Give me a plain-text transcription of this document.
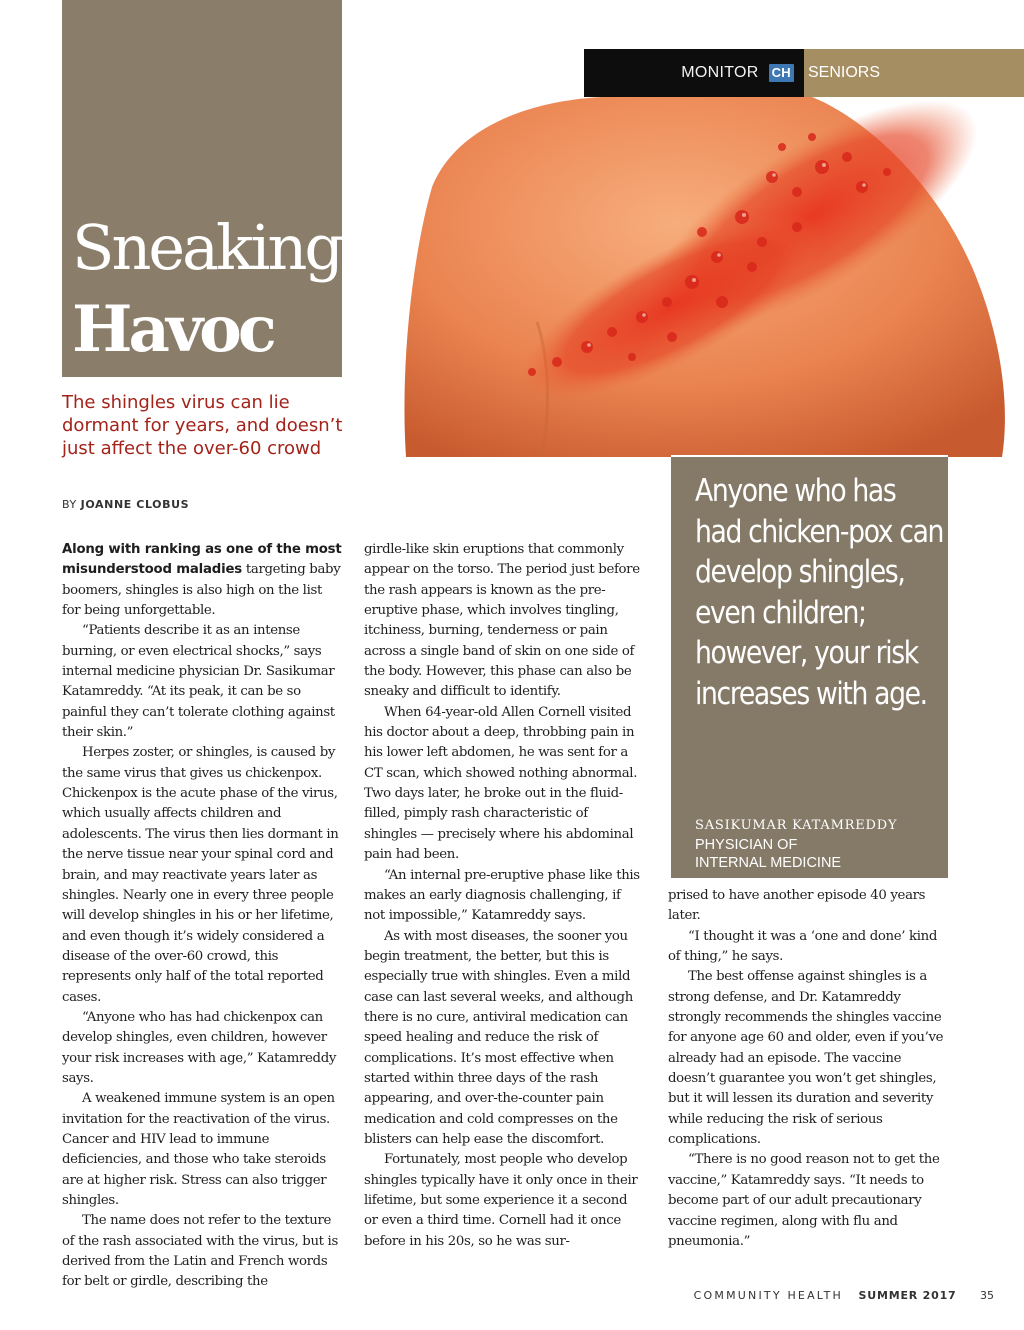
MONITOR CH SENIORS
Sneaking
Havoc
The shingles virus can lie dormant for years, and doesn’t just affect the over-60 crowd
BY JOANNE CLOBUS

Along with ranking as one of the most misunderstood maladies targeting baby boomers, shingles is also high on the list for being unforgettable.

“Patients describe it as an intense burning, or even electrical shocks,” says internal medicine physician Dr. Sasikumar Katamreddy. “At its peak, it can be so painful they can’t tolerate clothing against their skin.”

Herpes zoster, or shingles, is caused by the same virus that gives us chickenpox. Chickenpox is the acute phase of the virus, which usually affects children and adolescents. The virus then lies dormant in the nerve tissue near your spinal cord and brain, and may reactivate years later as shingles. Nearly one in every three people will develop shingles in his or her lifetime, and even though it’s widely considered a disease of the over-60 crowd, this represents only half of the total reported cases.

“Anyone who has had chickenpox can develop shingles, even children, however your risk increases with age,” Katamreddy says.

A weakened immune system is an open invitation for the reactivation of the virus. Cancer and HIV lead to immune deficiencies, and those who take steroids are at higher risk. Stress can also trigger shingles.

The name does not refer to the texture of the rash associated with the virus, but is derived from the Latin and French words for belt or girdle, describing the

girdle-like skin eruptions that commonly appear on the torso. The period just before the rash appears is known as the pre-eruptive phase, which involves tingling, itchiness, burning, tenderness or pain across a single band of skin on one side of the body. However, this phase can also be sneaky and difficult to identify.

When 64-year-old Allen Cornell visited his doctor about a deep, throbbing pain in his lower left abdomen, he was sent for a CT scan, which showed nothing abnormal. Two days later, he broke out in the fluid-filled, pimply rash characteristic of shingles — precisely where his abdominal pain had been.

“An internal pre-eruptive phase like this makes an early diagnosis challenging, if not impossible,” Katamreddy says.

As with most diseases, the sooner you begin treatment, the better, but this is especially true with shingles. Even a mild case can last several weeks, and although there is no cure, antiviral medication can speed healing and reduce the risk of complications. It’s most effective when started within three days of the rash appearing, and over-the-counter pain medication and cold compresses on the blisters can help ease the discomfort.

Fortunately, most people who develop shingles typically have it only once in their lifetime, but some experience it a second or even a third time. Cornell had it once before in his 20s, so he was sur-

Anyone who has had chicken-pox can develop shingles, even children; however, your risk increases with age.
SASIKUMAR KATAMREDDY
PHYSICIAN OF
INTERNAL MEDICINE

prised to have another episode 40 years later.

“I thought it was a ‘one and done’ kind of thing,” he says.

The best offense against shingles is a strong defense, and Dr. Katamreddy strongly recommends the shingles vaccine for anyone age 60 and older, even if you’ve already had an episode. The vaccine doesn’t guarantee you won’t get shingles, but it will lessen its duration and severity while reducing the risk of serious complications.

“There is no good reason not to get the vaccine,” Katamreddy says. “It needs to become part of our adult precautionary vaccine regimen, along with flu and pneumonia.”

COMMUNITY HEALTH SUMMER 2017 35
